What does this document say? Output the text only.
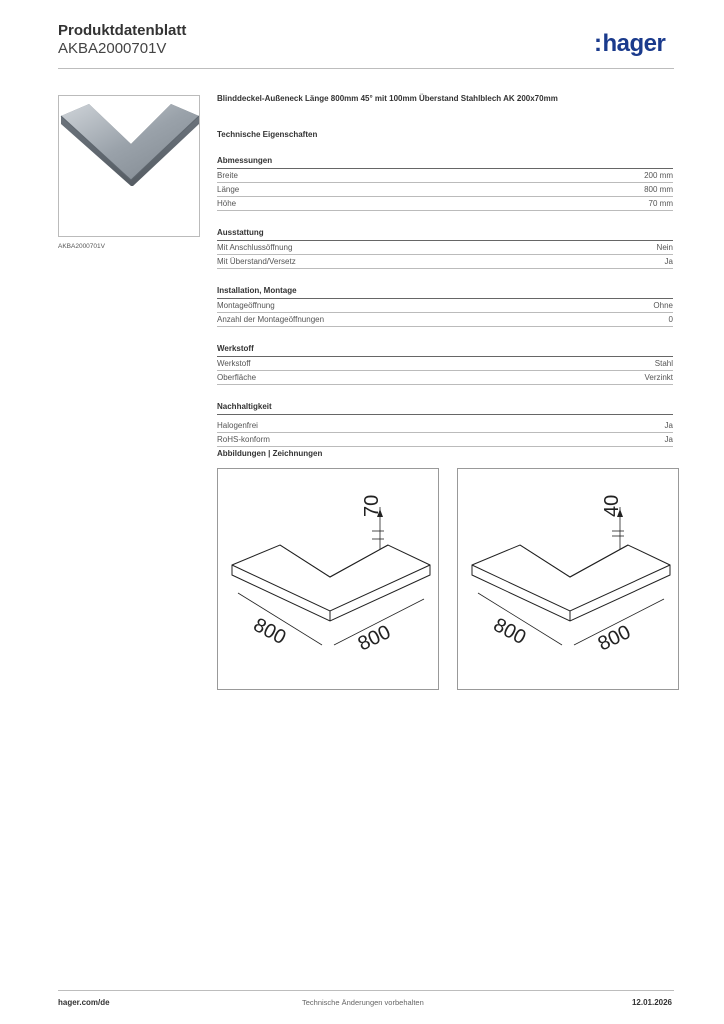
Produktdatenblatt
AKBA2000701V	:hager
AKBA2000701V
Blinddeckel-Außeneck Länge 800mm 45° mit 100mm Überstand Stahlblech AK 200x70mm
Technische Eigenschaften
Abmessungen
Breite	200 mm
Länge	800 mm
Höhe	70 mm
Ausstattung
Mit Anschlussöffnung	Nein
Mit Überstand/Versetz	Ja
Installation, Montage
Montageöffnung	Ohne
Anzahl der Montageöffnungen	0
Werkstoff
Werkstoff	Stahl
Oberfläche	Verzinkt
Nachhaltigkeit
Halogenfrei	Ja
RoHS-konform	Ja
Abbildungen | Zeichnungen
70
800	800
40
800	800
hager.com/de	Technische Änderungen vorbehalten	12.01.2026
